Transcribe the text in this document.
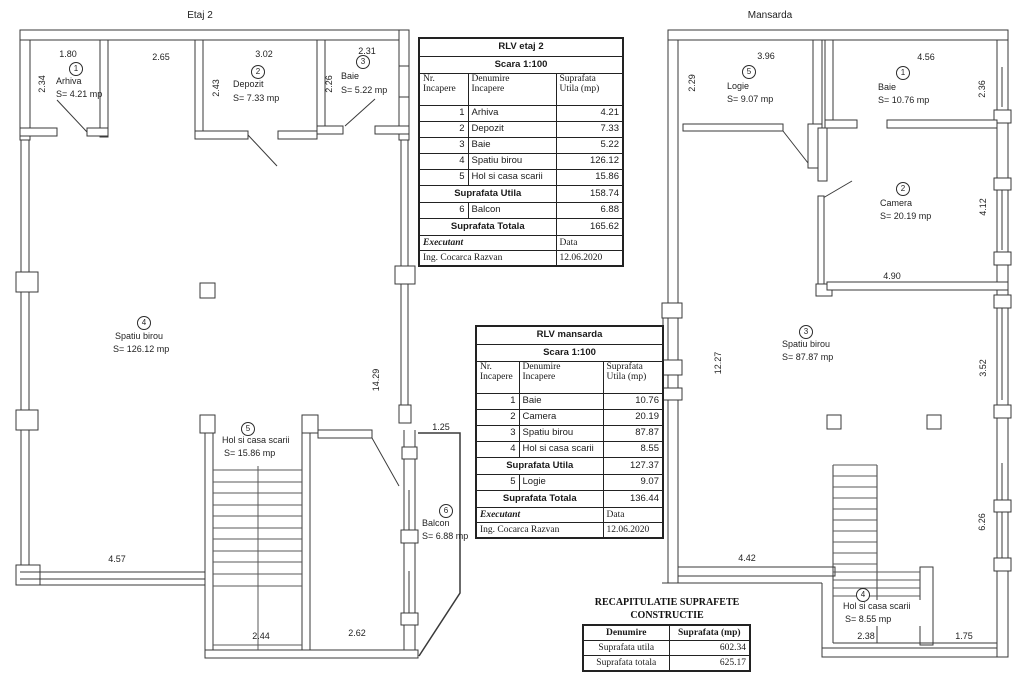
Etaj 2	Mansarda
1
Arhiva
S= 4.21 mp
2
Depozit
S= 7.33 mp
3
Baie
S= 5.22 mp
4
Spatiu birou
S= 126.12 mp
5
Hol si casa scarii
S= 15.86 mp
6
Balcon
S= 6.88 mp
1.80	2.65	3.02	2.31
2.34	2.43	2.26
14.29
1.25
4.57
2.44	2.62
5
Logie
S= 9.07 mp
1
Baie
S= 10.76 mp
2
Camera
S= 20.19 mp
3
Spatiu birou
S= 87.87 mp
4
Hol si casa scarii
S= 8.55 mp
3.96	4.56
2.29	2.36
4.12
4.90
12.27	3.52
6.26
4.42
2.38	1.75
RLV etaj 2		
Scara 1:100		

Nr.
Incapere

Denumire
Incapere

Suprafata
Utila (mp)

1	Arhiva	4.21
2	Depozit	7.33
3	Baie	5.22
4	Spatiu birou	126.12
5	Hol si casa scarii	15.86
Suprafata Utila		158.74
6	Balcon	6.88
Suprafata Totala		165.62
Executant		Data
Ing. Cocarca Razvan		12.06.2020
RLV mansarda		
Scara 1:100		

Nr.
Incapere

Denumire
Incapere

Suprafata
Utila (mp)

1	Baie	10.76
2	Camera	20.19
3	Spatiu birou	87.87
4	Hol si casa scarii	8.55
Suprafata Utila		127.37
5	Logie	9.07
Suprafata Totala		136.44
Executant		Data
Ing. Cocarca Razvan		12.06.2020
RECAPITULATIE SUPRAFETE
CONSTRUCTIE
Denumire	Suprafata (mp)
Suprafata utila	602.34
Suprafata totala	625.17
